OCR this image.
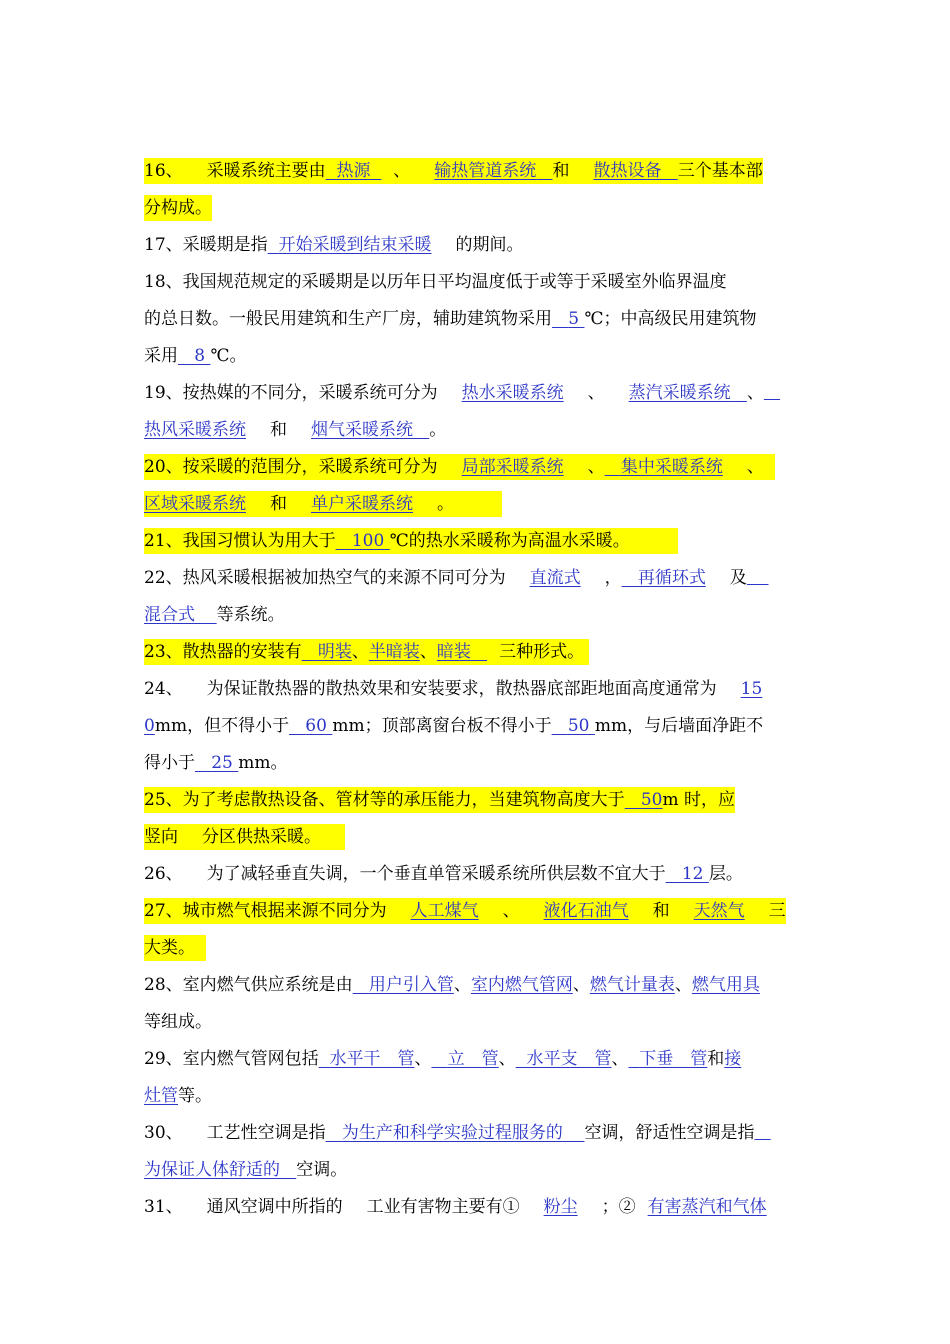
16、 采暖系统主要由 热源 、 输热管道系统 和 散热设备 三个基本部
分构成。
17、采暖期是指 开始采暖到结束采暖 的期间。
18、我国规范规定的采暖期是以历年日平均温度低于或等于采暖室外临界温度
的总日数。一般民用建筑和生产厂房，辅助建筑物采用 5 ℃；中高级民用建筑物
采用 8 ℃。
19、按热媒的不同分，采暖系统可分为 热水采暖系统 、 蒸汽采暖系统 、
热风采暖系统 和 烟气采暖系统 。
20、按采暖的范围分，采暖系统可分为 局部采暖系统 、 集中采暖系统 、
区域采暖系统 和 单户采暖系统 。
21、我国习惯认为用大于 100 ℃的热水采暖称为高温水采暖。
22、热风采暖根据被加热空气的来源不同可分为 直流式 ， 再循环式 及
混合式 等系统。
23、散热器的安装有 明装、半暗装、暗装 三种形式。
24、 为保证散热器的散热效果和安装要求，散热器底部距地面高度通常为 15
0mm，但不得小于 60 mm；顶部离窗台板不得小于 50 mm，与后墙面净距不
得小于 25 mm。
25、为了考虑散热设备、管材等的承压能力，当建筑物高度大于 50m 时，应
竖向 分区供热采暖。
26、 为了减轻垂直失调，一个垂直单管采暖系统所供层数不宜大于 12 层。
27、城市燃气根据来源不同分为 人工煤气 、 液化石油气 和 天然气 三
大类。
28、室内燃气供应系统是由 用户引入管、室内燃气管网、燃气计量表、燃气用具
等组成。
29、室内燃气管网包括 水平干　管、 立　管、 水平支　管、 下垂　管和接
灶管等。
30、 工艺性空调是指 为生产和科学实验过程服务的 空调，舒适性空调是指
为保证人体舒适的 空调。
31、 通风空调中所指的 工业有害物主要有① 粉尘 ；② 有害蒸汽和气体
